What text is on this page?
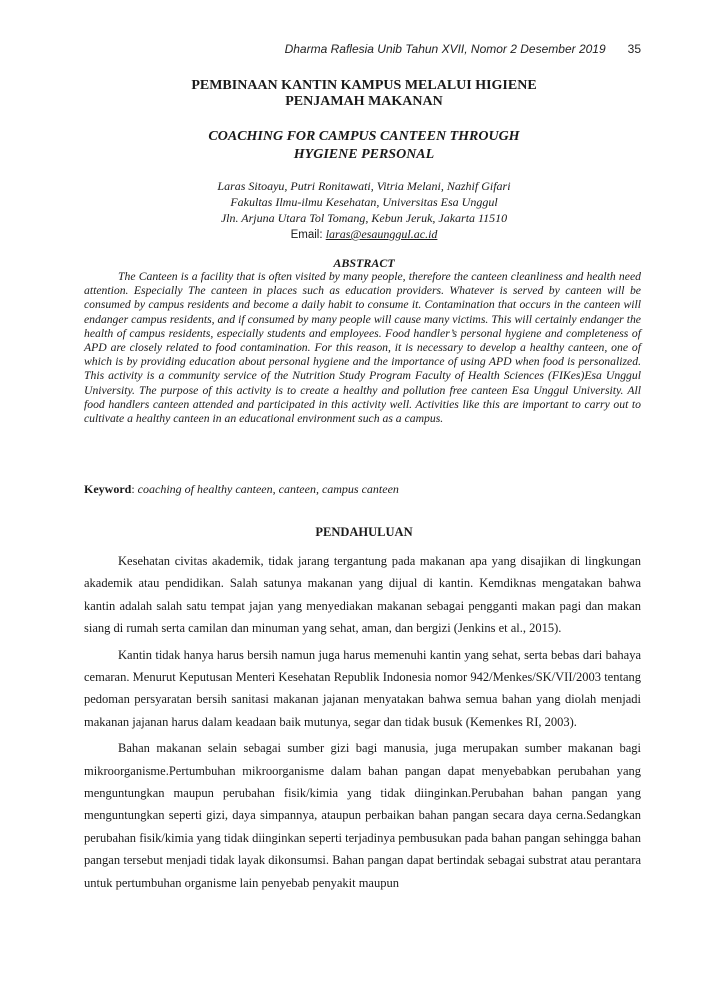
Dharma Raflesia Unib Tahun XVII, Nomor 2 Desember 2019 35
PEMBINAAN KANTIN KAMPUS MELALUI HIGIENE
PENJAMAH MAKANAN
COACHING FOR CAMPUS CANTEEN THROUGH
HYGIENE PERSONAL
Laras Sitoayu, Putri Ronitawati, Vitria Melani, Nazhif Gifari
Fakultas Ilmu-ilmu Kesehatan, Universitas Esa Unggul
Jln. Arjuna Utara Tol Tomang, Kebun Jeruk, Jakarta 11510
Email: laras@esaunggul.ac.id
ABSTRACT

The Canteen is a facility that is often visited by many people, therefore the canteen cleanliness and health need attention. Especially The canteen in places such as education providers. Whatever is served by canteen will be consumed by campus residents and become a daily habit to consume it. Contamination that occurs in the canteen will endanger campus residents, and if consumed by many people will cause many victims. This will certainly endanger the health of campus residents, especially students and employees. Food handler’s personal hygiene and completeness of APD are closely related to food contamination. For this reason, it is necessary to develop a healthy canteen, one of which is by providing education about personal hygiene and the importance of using APD when food is personalized. This activity is a community service of the Nutrition Study Program Faculty of Health Sciences (FIKes)Esa Unggul University. The purpose of this activity is to create a healthy and pollution free canteen Esa Unggul University. All food handlers canteen attended and participated in this activity well. Activities like this are important to carry out to cultivate a healthy canteen in an educational environment such as a campus.

Keyword: coaching of healthy canteen, canteen, campus canteen
PENDAHULUAN

Kesehatan civitas akademik, tidak jarang tergantung pada makanan apa yang disajikan di lingkungan akademik atau pendidikan. Salah satunya makanan yang dijual di kantin. Kemdiknas mengatakan bahwa kantin adalah salah satu tempat jajan yang menyediakan makanan sebagai pengganti makan pagi dan makan siang di rumah serta camilan dan minuman yang sehat, aman, dan bergizi (Jenkins et al., 2015).

Kantin tidak hanya harus bersih namun juga harus memenuhi kantin yang sehat, serta bebas dari bahaya cemaran. Menurut Keputusan Menteri Kesehatan Republik Indonesia nomor 942/Menkes/SK/VII/2003 tentang pedoman persyaratan bersih sanitasi makanan jajanan menyatakan bahwa semua bahan yang diolah menjadi makanan jajanan harus dalam keadaan baik mutunya, segar dan tidak busuk (Kemenkes RI, 2003).

Bahan makanan selain sebagai sumber gizi bagi manusia, juga merupakan sumber makanan bagi mikroorganisme.Pertumbuhan mikroorganisme dalam bahan pangan dapat menyebabkan perubahan yang menguntungkan maupun perubahan fisik/kimia yang tidak diinginkan.Perubahan bahan pangan yang menguntungkan seperti gizi, daya simpannya, ataupun perbaikan bahan pangan secara daya cerna.Sedangkan perubahan fisik/kimia yang tidak diinginkan seperti terjadinya pembusukan pada bahan pangan sehingga bahan pangan tersebut menjadi tidak layak dikonsumsi. Bahan pangan dapat bertindak sebagai substrat atau perantara untuk pertumbuhan organisme lain penyebab penyakit maupun
